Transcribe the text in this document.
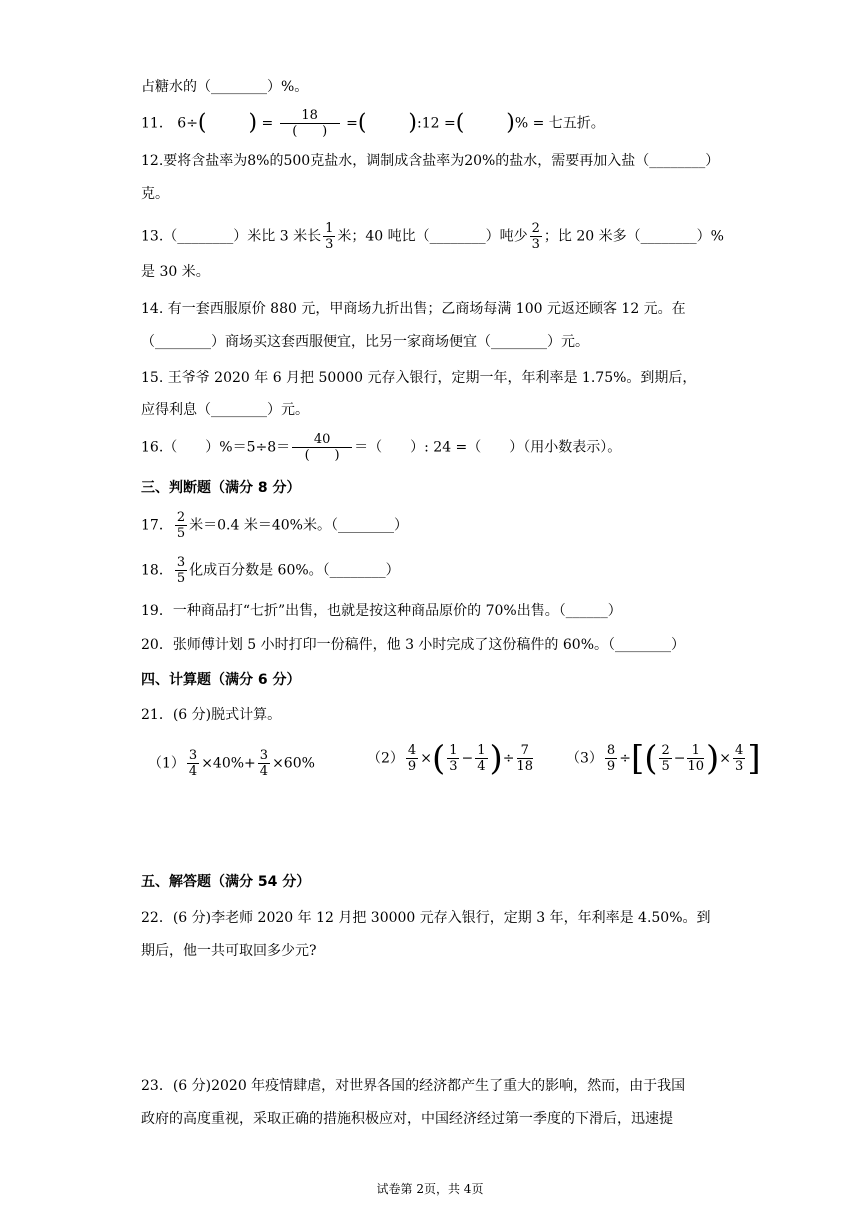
占糖水的（________）%。
11． 6÷(      ) = $\frac{18}{( )}$ =(      ):12 =(      )% = 七五折。
12.要将含盐率为8%的500克盐水，调制成含盐率为20%的盐水，需要再加入盐（________）
克。
13.（________）米比 3 米长 $\frac{1}{3}$ 米；40 吨比（________）吨少 $\frac{2}{3}$ ；比 20 米多（________）%
是 30 米。
14. 有一套西服原价 880 元，甲商场九折出售；乙商场每满 100 元返还顾客 12 元。在
（________）商场买这套西服便宜，比另一家商场便宜（________）元。
15. 王爷爷 2020 年 6 月把 50000 元存入银行，定期一年，年利率是 1.75%。到期后，
应得利息（________）元。
16.（　　）$\%=5\div 8= \frac{40}{( )}$ ＝（　　）: 24 =（　　）（用小数表示）。
三、判断题（满分 8 分）
17． $\frac{2}{5}$ 米＝0.4 米＝40%米。（________）
18． $\frac{3}{5}$ 化成百分数是 60%。（________）
19．一种商品打“七折”出售，也就是按这种商品原价的 70%出售。（______）
20．张师傅计划 5 小时打印一份稿件，他 3 小时完成了这份稿件的 60%。（________）
四、计算题（满分 6 分）
21．(6 分)脱式计算。
$(1) \frac{3}{4} \times 40\%+ \frac{3}{4} \times 60\%$	$(2) \frac{4}{9}$ ×( $\frac{1}{3} - \frac{1}{4}$ )÷ $\frac{7}{18} (3) \frac{8}{9}$ ÷[( $\frac{2}{5} - \frac{1}{10}$ )× $\frac{4}{3}$ ]
五、解答题（满分 54 分）
22．(6 分)李老师 2020 年 12 月把 30000 元存入银行，定期 3 年，年利率是 4.50%。到
期后，他一共可取回多少元?
23．(6 分)2020 年疫情肆虐，对世界各国的经济都产生了重大的影响，然而，由于我国
政府的高度重视，采取正确的措施积极应对，中国经济经过第一季度的下滑后，迅速提
试卷第 2页，共 4页
